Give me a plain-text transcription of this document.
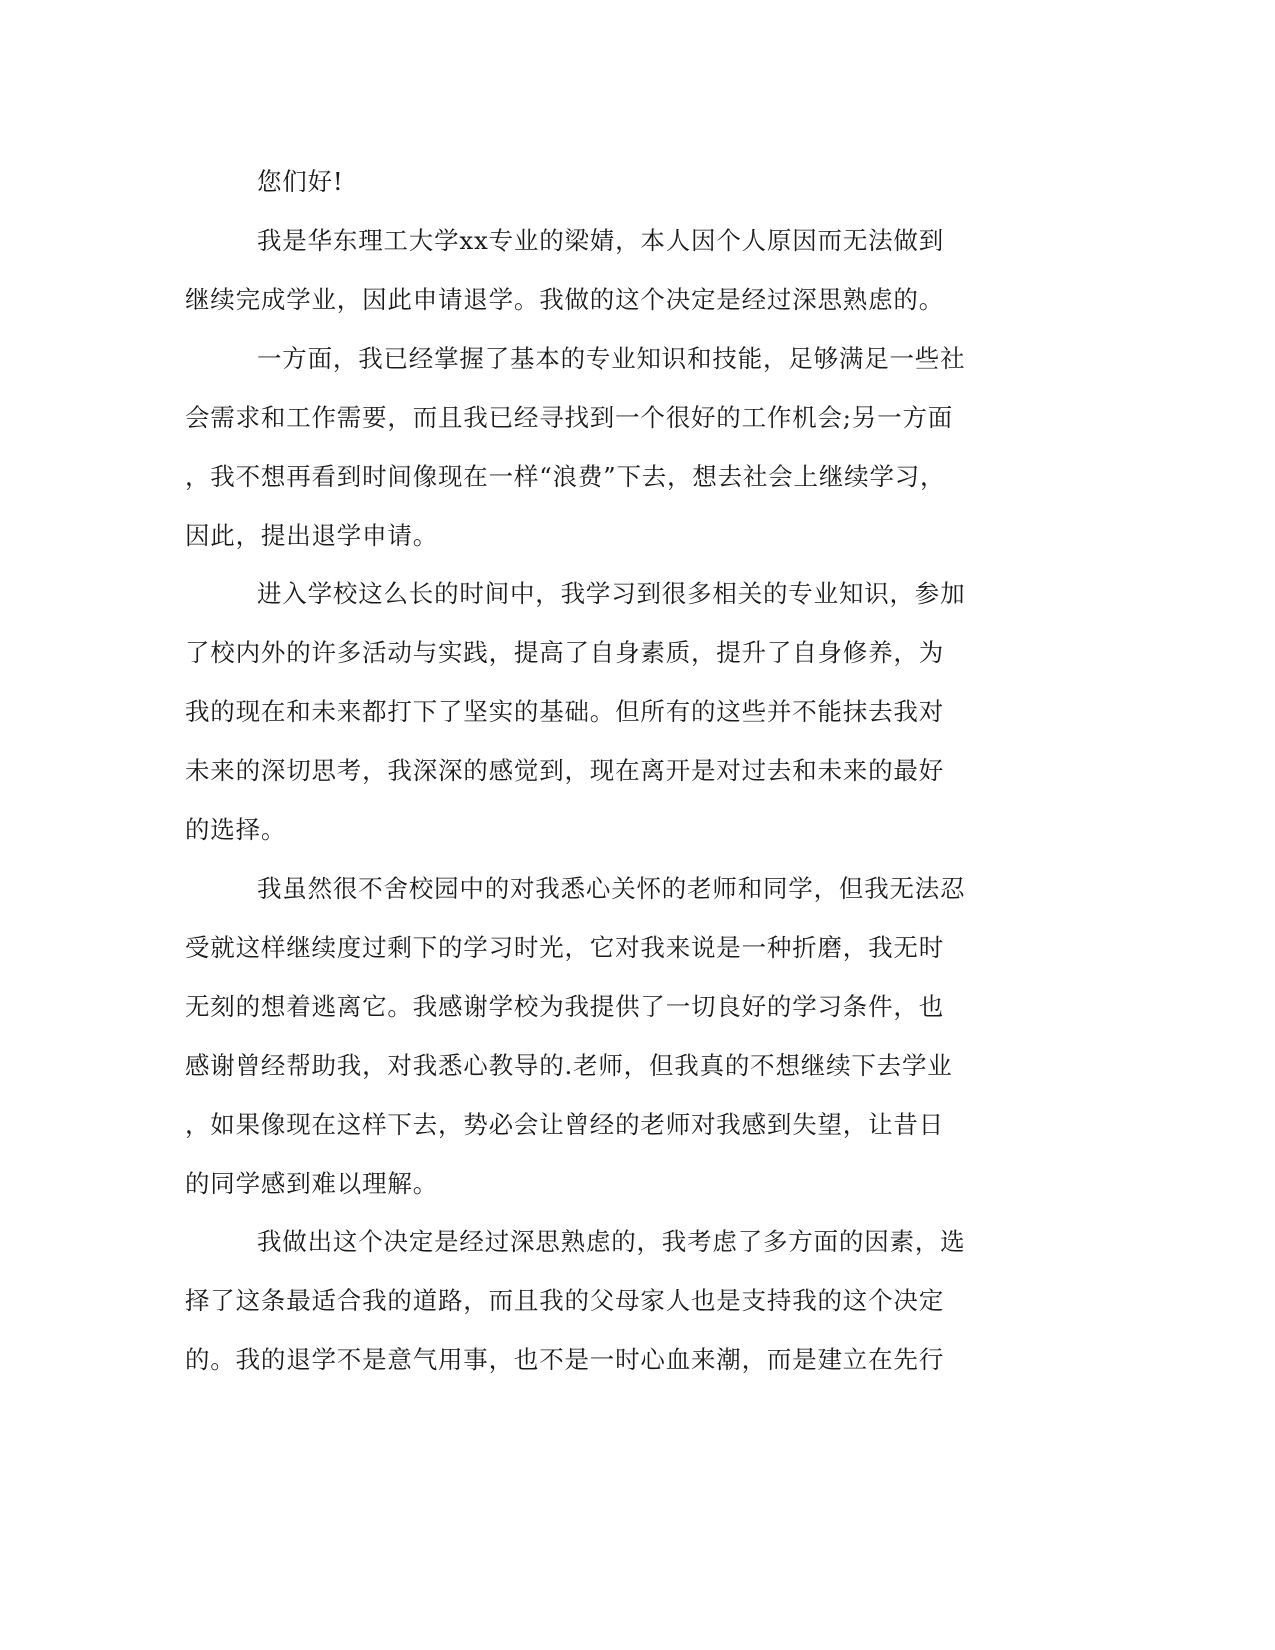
您们好!

我是华东理工大学xx专业的梁婧，本人因个人原因而无法做到

继续完成学业，因此申请退学。我做的这个决定是经过深思熟虑的。

一方面，我已经掌握了基本的专业知识和技能，足够满足一些社

会需求和工作需要，而且我已经寻找到一个很好的工作机会;另一方面

，我不想再看到时间像现在一样“浪费”下去，想去社会上继续学习，

因此，提出退学申请。

进入学校这么长的时间中，我学习到很多相关的专业知识，参加

了校内外的许多活动与实践，提高了自身素质，提升了自身修养，为

我的现在和未来都打下了坚实的基础。但所有的这些并不能抹去我对

未来的深切思考，我深深的感觉到，现在离开是对过去和未来的最好

的选择。

我虽然很不舍校园中的对我悉心关怀的老师和同学，但我无法忍

受就这样继续度过剩下的学习时光，它对我来说是一种折磨，我无时

无刻的想着逃离它。我感谢学校为我提供了一切良好的学习条件，也

感谢曾经帮助我，对我悉心教导的.老师，但我真的不想继续下去学业

，如果像现在这样下去，势必会让曾经的老师对我感到失望，让昔日

的同学感到难以理解。

我做出这个决定是经过深思熟虑的，我考虑了多方面的因素，选

择了这条最适合我的道路，而且我的父母家人也是支持我的这个决定

的。我的退学不是意气用事，也不是一时心血来潮，而是建立在先行
